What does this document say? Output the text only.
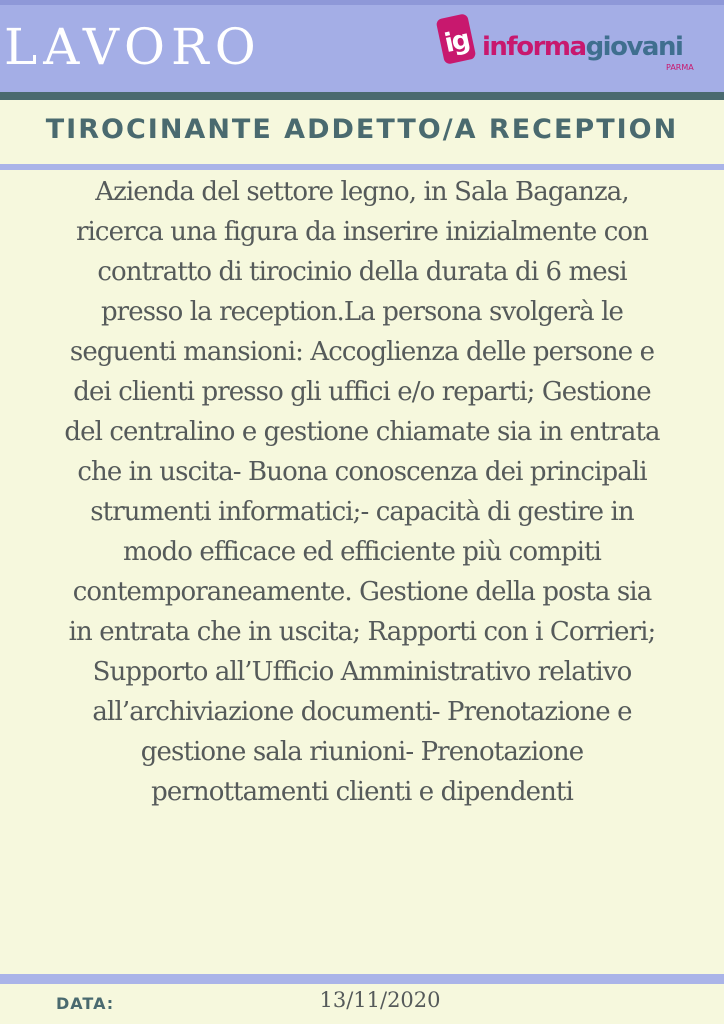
LAVORO	ig informagiovani
PARMA
TIROCINANTE ADDETTO/A RECEPTION
Azienda del settore legno, in Sala Baganza,
ricerca una figura da inserire inizialmente con
contratto di tirocinio della durata di 6 mesi
presso la reception.La persona svolgerà le
seguenti mansioni: Accoglienza delle persone e
dei clienti presso gli uffici e/o reparti; Gestione
del centralino e gestione chiamate sia in entrata
che in uscita- Buona conoscenza dei principali
strumenti informatici;- capacità di gestire in
modo efficace ed efficiente più compiti
contemporaneamente. Gestione della posta sia
in entrata che in uscita; Rapporti con i Corrieri;
Supporto all’Ufficio Amministrativo relativo
all’archiviazione documenti- Prenotazione e
gestione sala riunioni- Prenotazione
pernottamenti clienti e dipendenti
DATA:	13/11/2020
